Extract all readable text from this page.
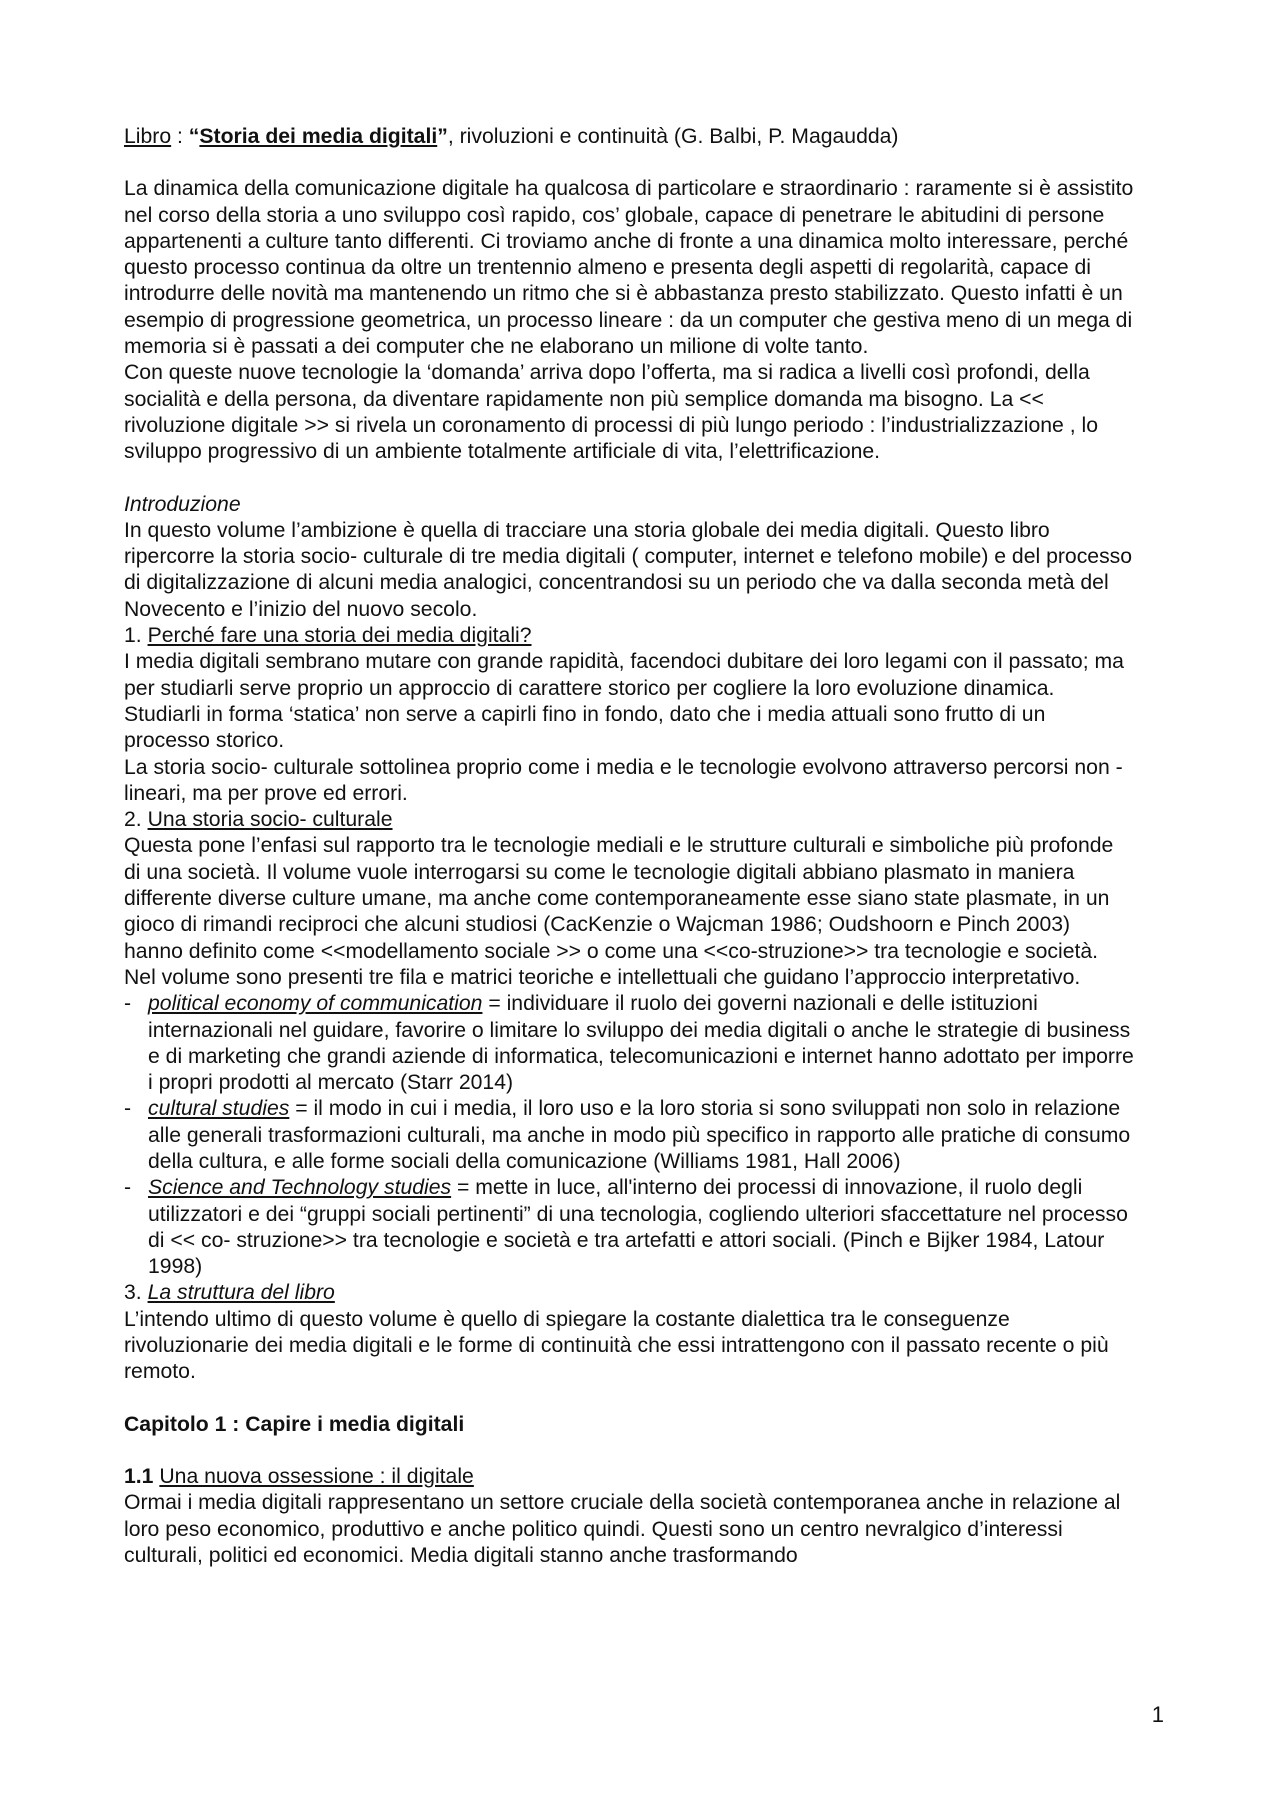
Libro : “Storia dei media digitali”, rivoluzioni e continuità (G. Balbi, P. Magaudda)

La dinamica della comunicazione digitale ha qualcosa di particolare e straordinario : raramente si è assistito nel corso della storia a uno sviluppo così rapido, cos’ globale, capace di penetrare le abitudini di persone appartenenti a culture tanto differenti. Ci troviamo anche di fronte a una dinamica molto interessare, perché questo processo continua da oltre un trentennio almeno e presenta degli aspetti di regolarità, capace di introdurre delle novità ma mantenendo un ritmo che si è abbastanza presto stabilizzato. Questo infatti è un esempio di progressione geometrica, un processo lineare : da un computer che gestiva meno di un mega di memoria si è passati a dei computer che ne elaborano un milione di volte tanto.

Con queste nuove tecnologie la ‘domanda’ arriva dopo l’offerta, ma si radica a livelli così profondi, della socialità e della persona, da diventare rapidamente non più semplice domanda ma bisogno. La << rivoluzione digitale >> si rivela un coronamento di processi di più lungo periodo : l’industrializzazione , lo sviluppo progressivo di un ambiente totalmente artificiale di vita, l’elettrificazione.

Introduzione

In questo volume l’ambizione è quella di tracciare una storia globale dei media digitali. Questo libro ripercorre la storia socio- culturale di tre media digitali ( computer, internet e telefono mobile) e del processo di digitalizzazione di alcuni media analogici, concentrandosi su un periodo che va dalla seconda metà del Novecento e l’inizio del nuovo secolo.

1. Perché fare una storia dei media digitali?

I media digitali sembrano mutare con grande rapidità, facendoci dubitare dei loro legami con il passato; ma per studiarli serve proprio un approccio di carattere storico per cogliere la loro evoluzione dinamica. Studiarli in forma ‘statica’ non serve a capirli fino in fondo, dato che i media attuali sono frutto di un processo storico.

La storia socio- culturale sottolinea proprio come i media e le tecnologie evolvono attraverso percorsi non - lineari, ma per prove ed errori.

2. Una storia socio- culturale

Questa pone l’enfasi sul rapporto tra le tecnologie mediali e le strutture culturali e simboliche più profonde di una società. Il volume vuole interrogarsi su come le tecnologie digitali abbiano plasmato in maniera differente diverse culture umane, ma anche come contemporaneamente esse siano state plasmate, in un gioco di rimandi reciproci che alcuni studiosi (CacKenzie o Wajcman 1986; Oudshoorn e Pinch 2003) hanno definito come <<modellamento sociale >> o come una <<co-struzione>> tra tecnologie e società.

Nel volume sono presenti tre fila e matrici teoriche e intellettuali che guidano l’approccio interpretativo.

- political economy of communication = individuare il ruolo dei governi nazionali e delle istituzioni internazionali nel guidare, favorire o limitare lo sviluppo dei media digitali o anche le strategie di business e di marketing che grandi aziende di informatica, telecomunicazioni e internet hanno adottato per imporre i propri prodotti al mercato (Starr 2014)
- cultural studies = il modo in cui i media, il loro uso e la loro storia si sono sviluppati non solo in relazione alle generali trasformazioni culturali, ma anche in modo più specifico in rapporto alle pratiche di consumo della cultura, e alle forme sociali della comunicazione (Williams 1981, Hall 2006)
- Science and Technology studies = mette in luce, all'interno dei processi di innovazione, il ruolo degli utilizzatori e dei “gruppi sociali pertinenti” di una tecnologia, cogliendo ulteriori sfaccettature nel processo di << co- struzione>> tra tecnologie e società e tra artefatti e attori sociali. (Pinch e Bijker 1984, Latour 1998)

3. La struttura del libro

L’intendo ultimo di questo volume è quello di spiegare la costante dialettica tra le conseguenze rivoluzionarie dei media digitali e le forme di continuità che essi intrattengono con il passato recente o più remoto.

Capitolo 1 : Capire i media digitali

1.1 Una nuova ossessione : il digitale

Ormai i media digitali rappresentano un settore cruciale della società contemporanea anche in relazione al loro peso economico, produttivo e anche politico quindi. Questi sono un centro nevralgico d’interessi culturali, politici ed economici. Media digitali stanno anche trasformando

1
